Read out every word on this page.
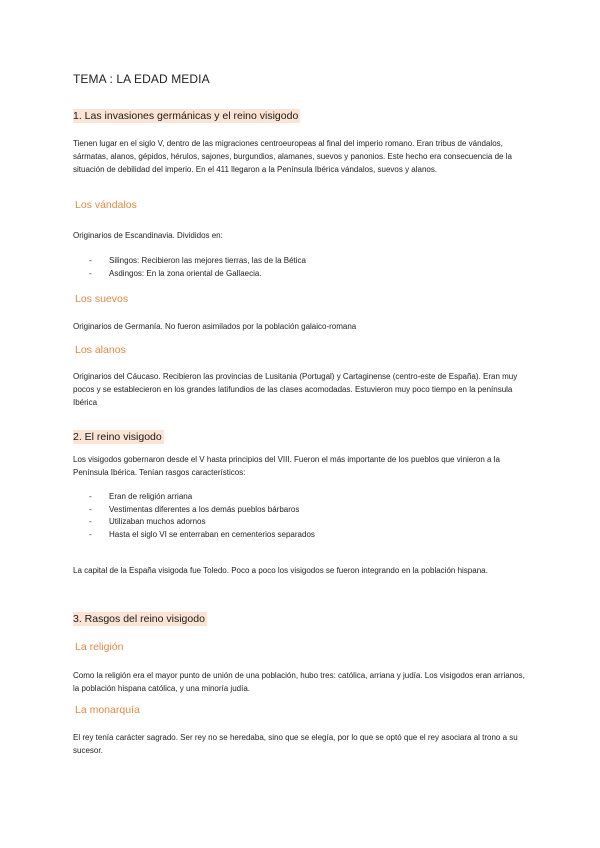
TEMA : LA EDAD MEDIA
1. Las invasiones germánicas y el reino visigodo

Tienen lugar en el siglo V, dentro de las migraciones centroeuropeas al final del imperio romano. Eran tribus de vándalos, sármatas, alanos, gépidos, hérulos, sajones, burgundios, alamanes, suevos y panonios. Este hecho era consecuencia de la situación de debilidad del imperio. En el 411 llegaron a la Península Ibérica vándalos, suevos y alanos.

Los vándalos

Originarios de Escandinavia. Divididos en:

- Silingos: Recibieron las mejores tierras, las de la Bética
- Asdingos: En la zona oriental de Gallaecia.
Los suevos

Originarios de Germanía. No fueron asimilados por la población galaico-romana

Los alanos

Originarios del Cáucaso. Recibieron las provincias de Lusitania (Portugal) y Cartaginense (centro-este de España). Eran muy pocos y se establecieron en los grandes latifundios de las clases acomodadas. Estuvieron muy poco tiempo en la península Ibérica

2. El reino visigodo

Los visigodos gobernaron desde el V hasta principios del VIII. Fueron el más importante de los pueblos que vinieron a la Península Ibérica. Tenían rasgos característicos:

- Eran de religión arriana
- Vestimentas diferentes a los demás pueblos bárbaros
- Utilizaban muchos adornos
- Hasta el siglo VI se enterraban en cementerios separados

La capital de la España visigoda fue Toledo. Poco a poco los visigodos se fueron integrando en la población hispana.

3. Rasgos del reino visigodo
La religión

Como la religión era el mayor punto de unión de una población, hubo tres: católica, arriana y judía. Los visigodos eran arrianos, la población hispana católica, y una minoría judía.

La monarquía

El rey tenía carácter sagrado. Ser rey no se heredaba, sino que se elegía, por lo que se optó que el rey asociara al trono a su sucesor.
